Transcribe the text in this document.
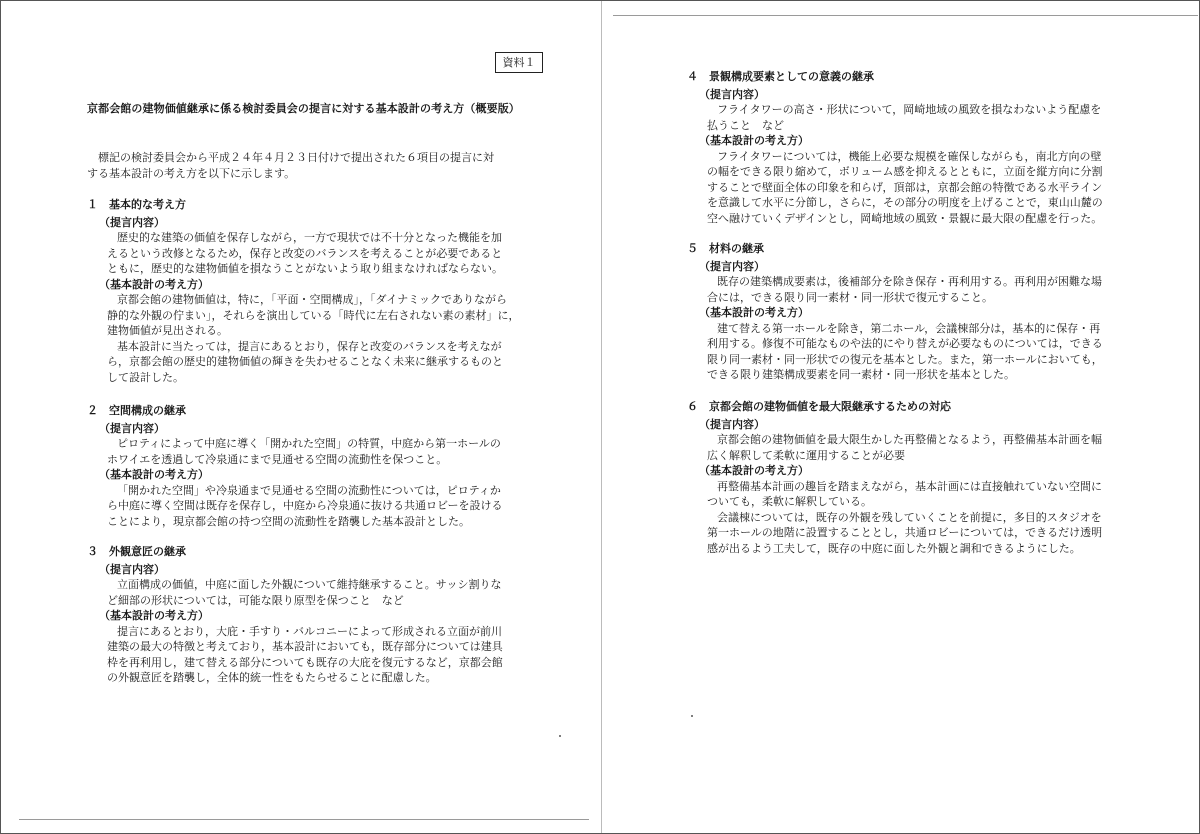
資料１
京都会館の建物価値継承に係る検討委員会の提言に対する基本設計の考え方（概要版）

標記の検討委員会から平成２４年４月２３日付けで提出された６項目の提言に対

する基本設計の考え方を以下に示します。

１　基本的な考え方

（提言内容）

歴史的な建築の価値を保存しながら，一方で現状では不十分となった機能を加

えるという改修となるため，保存と改変のバランスを考えることが必要であると

ともに，歴史的な建物価値を損なうことがないよう取り組まなければならない。

（基本設計の考え方）

京都会館の建物価値は，特に，「平面・空間構成」，「ダイナミックでありながら

静的な外観の佇まい」，それらを演出している「時代に左右されない素の素材」に，

建物価値が見出される。

基本設計に当たっては，提言にあるとおり，保存と改変のバランスを考えなが

ら，京都会館の歴史的建物価値の輝きを失わせることなく未来に継承するものと

して設計した。

２　空間構成の継承

（提言内容）

ピロティによって中庭に導く「開かれた空間」の特質，中庭から第一ホールの

ホワイエを透過して冷泉通にまで見通せる空間の流動性を保つこと。

（基本設計の考え方）

「開かれた空間」や冷泉通まで見通せる空間の流動性については，ピロティか

ら中庭に導く空間は既存を保存し，中庭から冷泉通に抜ける共通ロビーを設ける

ことにより，現京都会館の持つ空間の流動性を踏襲した基本設計とした。

３　外観意匠の継承

（提言内容）

立面構成の価値，中庭に面した外観について維持継承すること。サッシ割りな

ど細部の形状については，可能な限り原型を保つこと　など

（基本設計の考え方）

提言にあるとおり，大庇・手すり・バルコニーによって形成される立面が前川

建築の最大の特徴と考えており，基本設計においても，既存部分については建具

枠を再利用し，建て替える部分についても既存の大庇を復元するなど，京都会館

の外観意匠を踏襲し，全体的統一性をもたらせることに配慮した。

４　景観構成要素としての意義の継承

（提言内容）

フライタワーの高さ・形状について，岡崎地域の風致を損なわないよう配慮を

払うこと　など

（基本設計の考え方）

フライタワーについては，機能上必要な規模を確保しながらも，南北方向の壁

の幅をできる限り縮めて，ボリューム感を抑えるとともに，立面を縦方向に分割

することで壁面全体の印象を和らげ，頂部は，京都会館の特徴である水平ライン

を意識して水平に分節し，さらに，その部分の明度を上げることで，東山山麓の

空へ融けていくデザインとし，岡崎地域の風致・景観に最大限の配慮を行った。

５　材料の継承

（提言内容）

既存の建築構成要素は，後補部分を除き保存・再利用する。再利用が困難な場

合には，できる限り同一素材・同一形状で復元すること。

（基本設計の考え方）

建て替える第一ホールを除き，第二ホール，会議棟部分は，基本的に保存・再

利用する。修復不可能なものや法的にやり替えが必要なものについては，できる

限り同一素材・同一形状での復元を基本とした。また，第一ホールにおいても，

できる限り建築構成要素を同一素材・同一形状を基本とした。

６　京都会館の建物価値を最大限継承するための対応

（提言内容）

京都会館の建物価値を最大限生かした再整備となるよう，再整備基本計画を幅

広く解釈して柔軟に運用することが必要

（基本設計の考え方）

再整備基本計画の趣旨を踏まえながら，基本計画には直接触れていない空間に

ついても，柔軟に解釈している。

会議棟については，既存の外観を残していくことを前提に，多目的スタジオを

第一ホールの地階に設置することとし，共通ロビーについては，できるだけ透明

感が出るよう工夫して，既存の中庭に面した外観と調和できるようにした。
